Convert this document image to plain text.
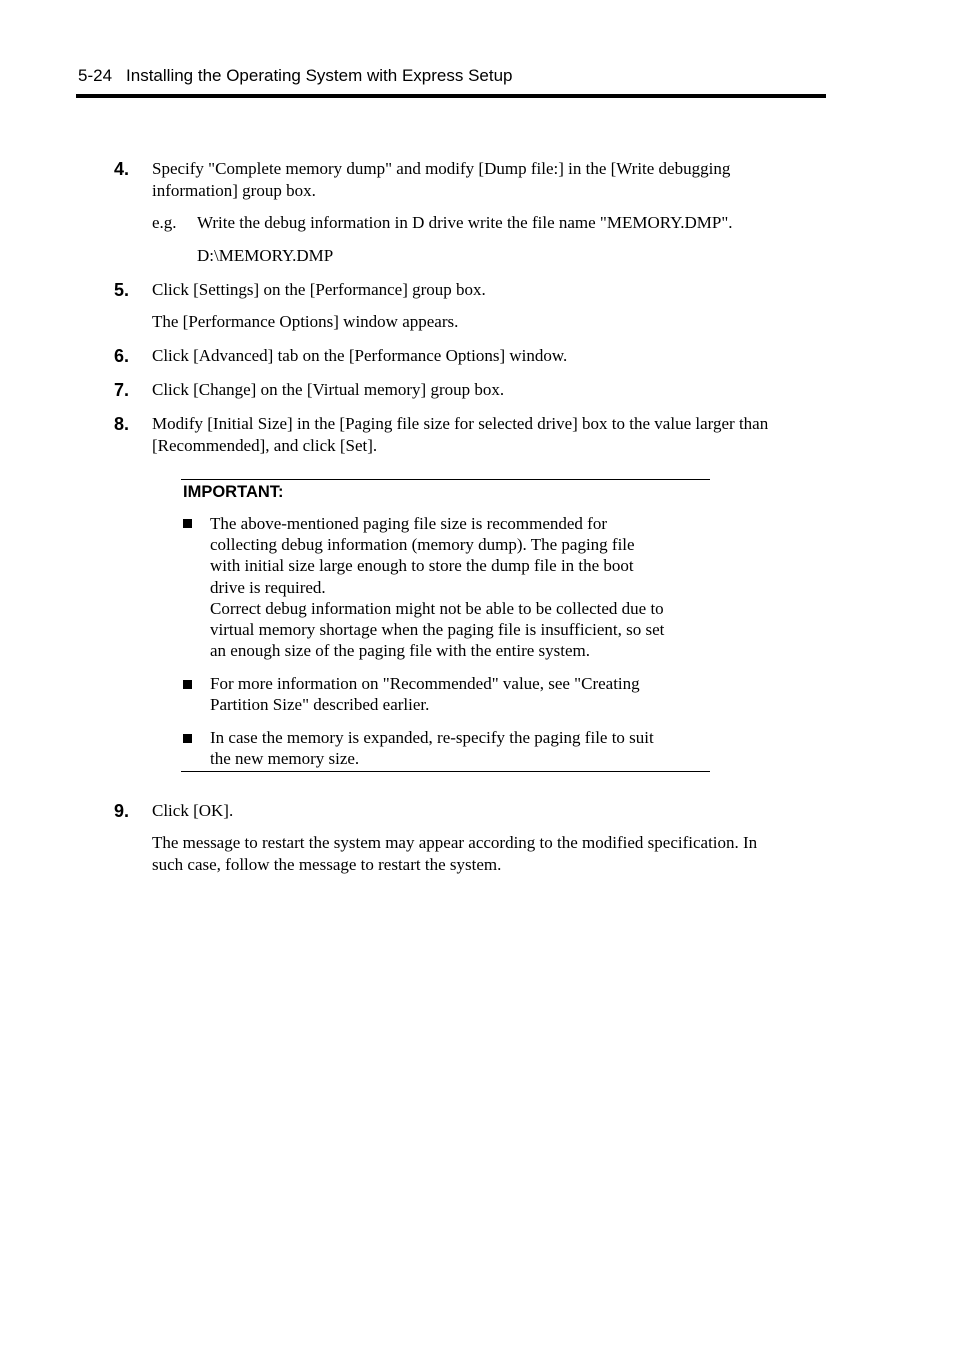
5-24 Installing the Operating System with Express Setup
4. Specify "Complete memory dump" and modify [Dump file:] in the [Write debugging
information] group box.
e.g. Write the debug information in D drive write the file name "MEMORY.DMP".
D:\MEMORY.DMP
5. Click [Settings] on the [Performance] group box.
The [Performance Options] window appears.
6. Click [Advanced] tab on the [Performance Options] window.
7. Click [Change] on the [Virtual memory] group box.
8. Modify [Initial Size] in the [Paging file size for selected drive] box to the value larger than
[Recommended], and click [Set].
IMPORTANT:
The above-mentioned paging file size is recommended for
collecting debug information (memory dump). The paging file
with initial size large enough to store the dump file in the boot
drive is required.
Correct debug information might not be able to be collected due to
virtual memory shortage when the paging file is insufficient, so set
an enough size of the paging file with the entire system.
For more information on "Recommended" value, see "Creating
Partition Size" described earlier.
In case the memory is expanded, re-specify the paging file to suit
the new memory size.
9. Click [OK].
The message to restart the system may appear according to the modified specification. In
such case, follow the message to restart the system.
